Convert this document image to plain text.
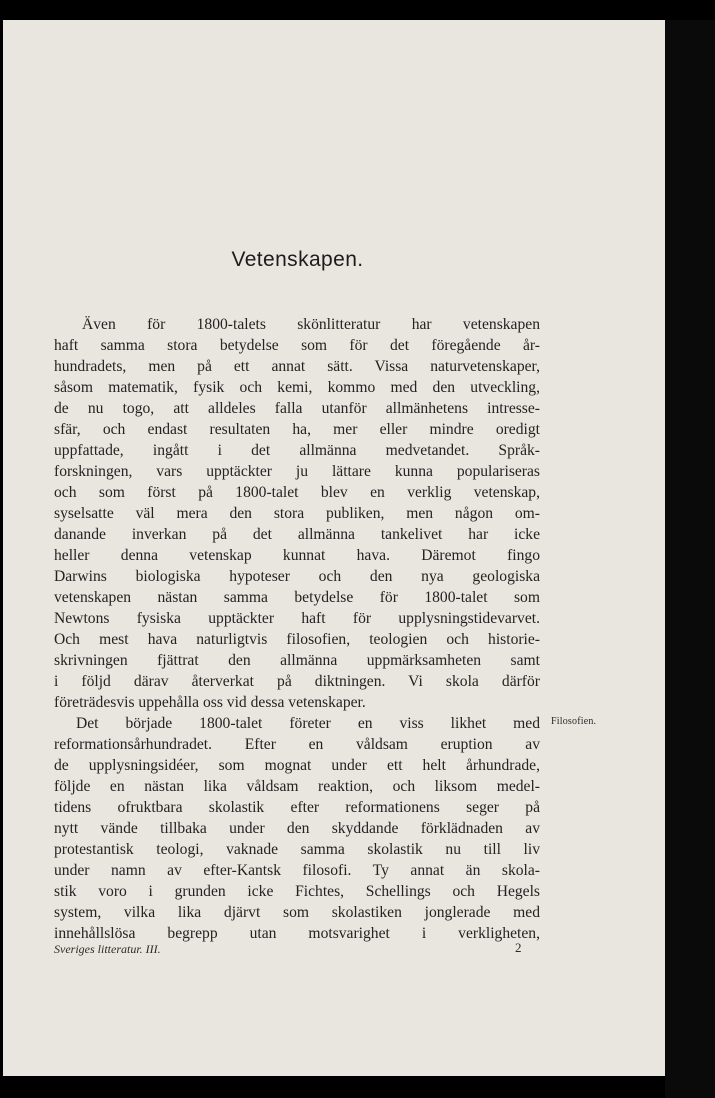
Vetenskapen.
Även för 1800-talets skönlitteratur har vetenskapen
haft samma stora betydelse som för det föregående år-
hundradets, men på ett annat sätt. Vissa naturvetenskaper,
såsom matematik, fysik och kemi, kommo med den utveckling,
de nu togo, att alldeles falla utanför allmänhetens intresse-
sfär, och endast resultaten ha, mer eller mindre oredigt
uppfattade, ingått i det allmänna medvetandet. Språk-
forskningen, vars upptäckter ju lättare kunna populariseras
och som först på 1800-talet blev en verklig vetenskap,
syselsatte väl mera den stora publiken, men någon om-
danande inverkan på det allmänna tankelivet har icke
heller denna vetenskap kunnat hava. Däremot fingo
Darwins biologiska hypoteser och den nya geologiska
vetenskapen nästan samma betydelse för 1800-talet som
Newtons fysiska upptäckter haft för upplysningstidevarvet.
Och mest hava naturligtvis filosofien, teologien och historie-
skrivningen fjättrat den allmänna uppmärksamheten samt
i följd därav återverkat på diktningen. Vi skola därför
företrädesvis uppehålla oss vid dessa vetenskaper.
Det började 1800-talet företer en viss likhet med
reformationsårhundradet. Efter en våldsam eruption av
de upplysningsidéer, som mognat under ett helt århundrade,
följde en nästan lika våldsam reaktion, och liksom medel-
tidens ofruktbara skolastik efter reformationens seger på
nytt vände tillbaka under den skyddande förklädnaden av
protestantisk teologi, vaknade samma skolastik nu till liv
under namn av efter-Kantsk filosofi. Ty annat än skola-
stik voro i grunden icke Fichtes, Schellings och Hegels
system, vilka lika djärvt som skolastiken jonglerade med
innehållslösa begrepp utan motsvarighet i verkligheten,
Filosofien.
Sveriges litteratur. III.	2
